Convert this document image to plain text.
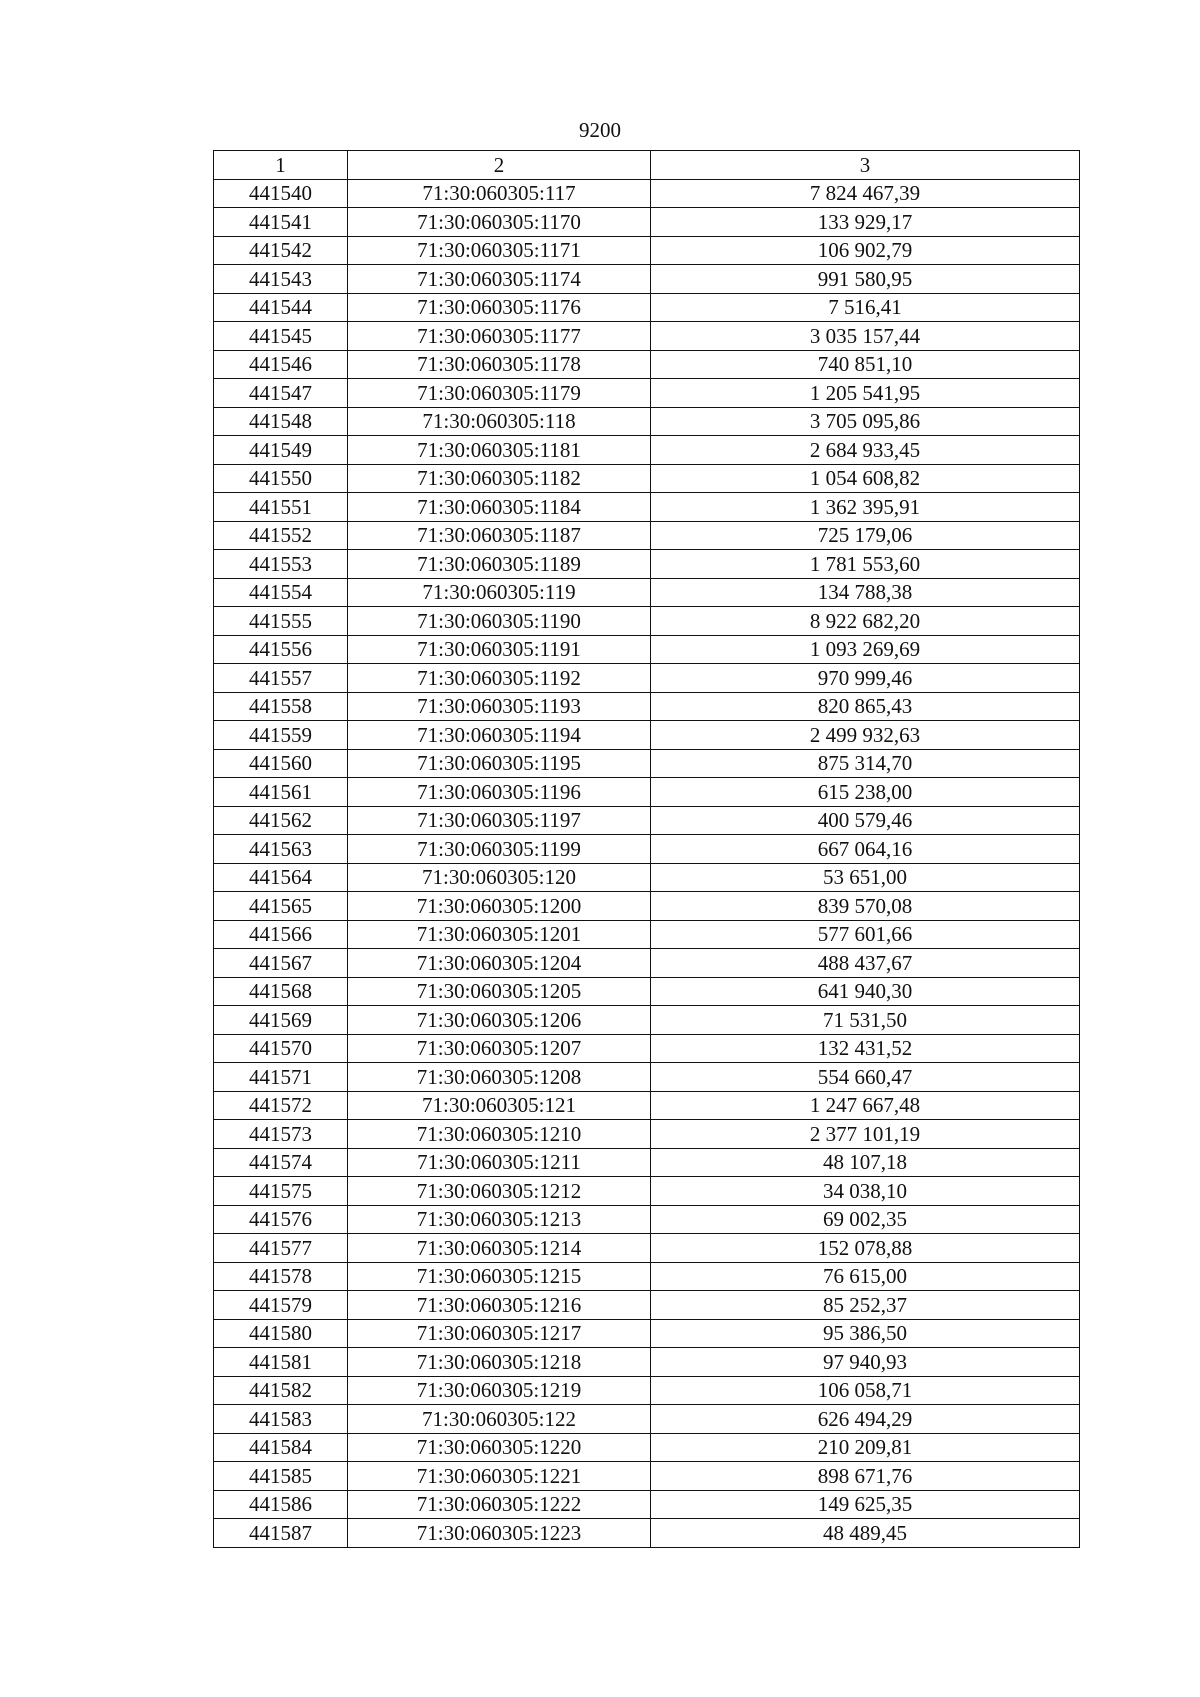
9200
1	2	3
441540	71:30:060305:117	7 824 467,39
441541	71:30:060305:1170	133 929,17
441542	71:30:060305:1171	106 902,79
441543	71:30:060305:1174	991 580,95
441544	71:30:060305:1176	7 516,41
441545	71:30:060305:1177	3 035 157,44
441546	71:30:060305:1178	740 851,10
441547	71:30:060305:1179	1 205 541,95
441548	71:30:060305:118	3 705 095,86
441549	71:30:060305:1181	2 684 933,45
441550	71:30:060305:1182	1 054 608,82
441551	71:30:060305:1184	1 362 395,91
441552	71:30:060305:1187	725 179,06
441553	71:30:060305:1189	1 781 553,60
441554	71:30:060305:119	134 788,38
441555	71:30:060305:1190	8 922 682,20
441556	71:30:060305:1191	1 093 269,69
441557	71:30:060305:1192	970 999,46
441558	71:30:060305:1193	820 865,43
441559	71:30:060305:1194	2 499 932,63
441560	71:30:060305:1195	875 314,70
441561	71:30:060305:1196	615 238,00
441562	71:30:060305:1197	400 579,46
441563	71:30:060305:1199	667 064,16
441564	71:30:060305:120	53 651,00
441565	71:30:060305:1200	839 570,08
441566	71:30:060305:1201	577 601,66
441567	71:30:060305:1204	488 437,67
441568	71:30:060305:1205	641 940,30
441569	71:30:060305:1206	71 531,50
441570	71:30:060305:1207	132 431,52
441571	71:30:060305:1208	554 660,47
441572	71:30:060305:121	1 247 667,48
441573	71:30:060305:1210	2 377 101,19
441574	71:30:060305:1211	48 107,18
441575	71:30:060305:1212	34 038,10
441576	71:30:060305:1213	69 002,35
441577	71:30:060305:1214	152 078,88
441578	71:30:060305:1215	76 615,00
441579	71:30:060305:1216	85 252,37
441580	71:30:060305:1217	95 386,50
441581	71:30:060305:1218	97 940,93
441582	71:30:060305:1219	106 058,71
441583	71:30:060305:122	626 494,29
441584	71:30:060305:1220	210 209,81
441585	71:30:060305:1221	898 671,76
441586	71:30:060305:1222	149 625,35
441587	71:30:060305:1223	48 489,45
